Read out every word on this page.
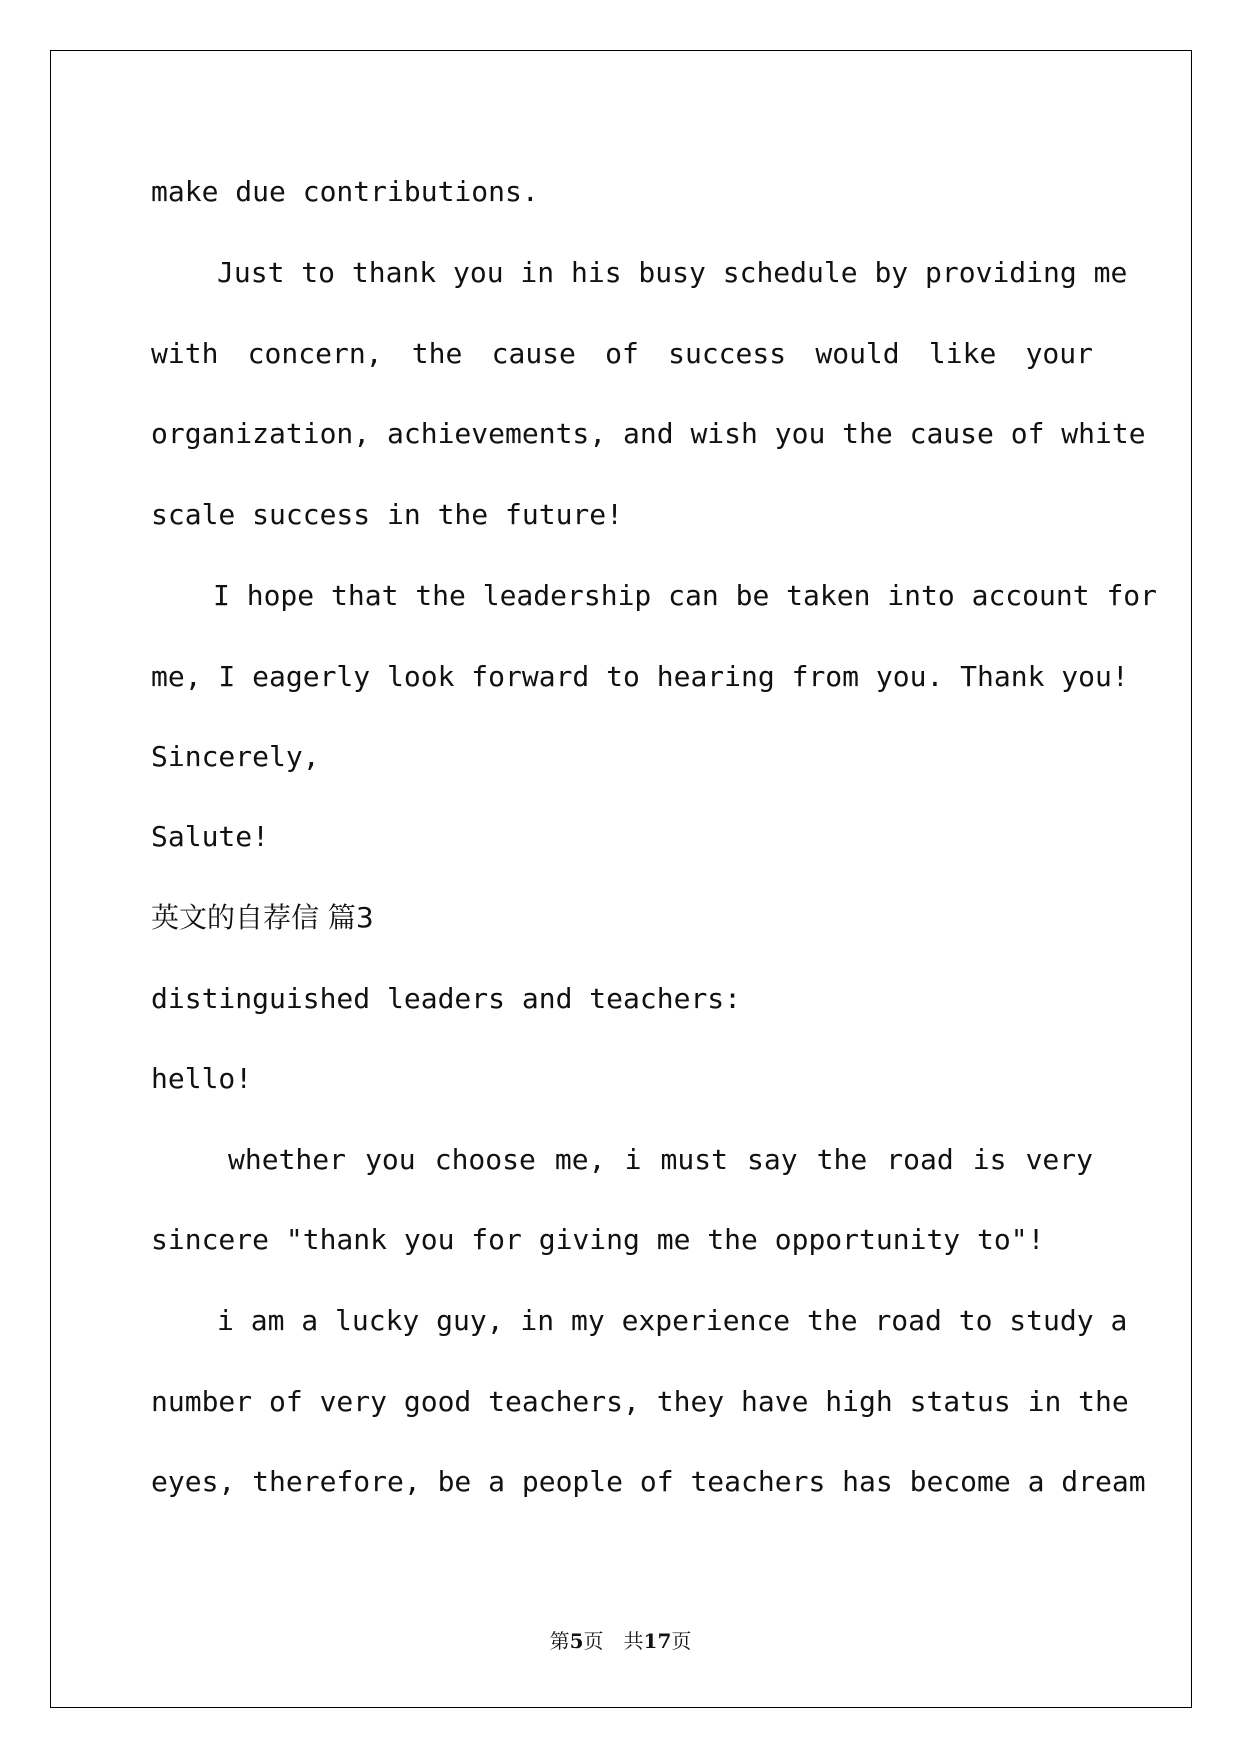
make due contributions.
Just to thank you in his busy schedule by providing me
with concern, the cause of success would like your
organization, achievements, and wish you the cause of white
scale success in the future!
I hope that the leadership can be taken into account for
me, I eagerly look forward to hearing from you. Thank you!
Sincerely,
Salute!
英文的自荐信 篇3
distinguished leaders and teachers:
hello!
whether you choose me, i must say the road is very
sincere "thank you for giving me the opportunity to"!
i am a lucky guy, in my experience the road to study a
number of very good teachers, they have high status in the
eyes, therefore, be a people of teachers has become a dream
第5页　共17页
